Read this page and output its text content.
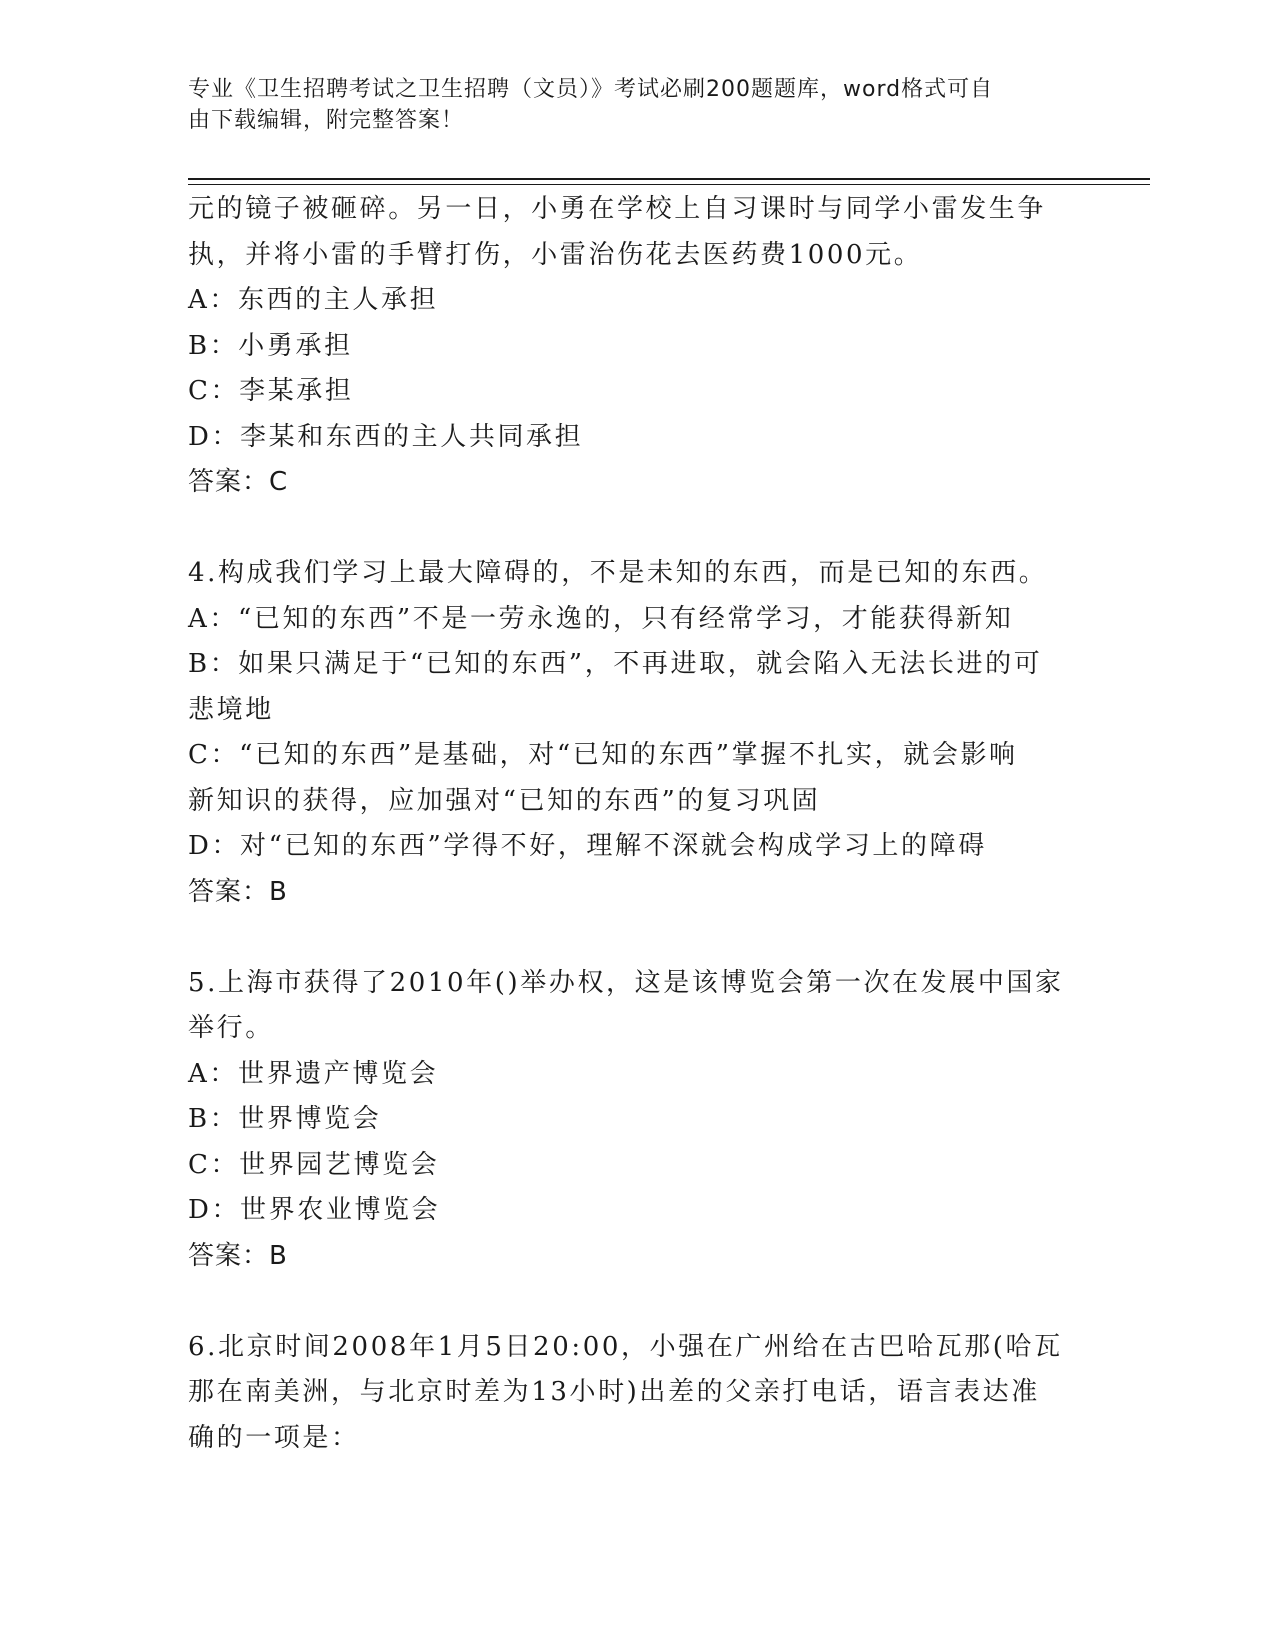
专业《卫生招聘考试之卫生招聘（文员）》考试必刷200题题库，word格式可自
由下载编辑，附完整答案！
元的镜子被砸碎。另一日，小勇在学校上自习课时与同学小雷发生争
执，并将小雷的手臂打伤，小雷治伤花去医药费1000元。
A：东西的主人承担
B：小勇承担
C：李某承担
D：李某和东西的主人共同承担
答案：C
4.构成我们学习上最大障碍的，不是未知的东西，而是已知的东西。
A：“已知的东西”不是一劳永逸的，只有经常学习，才能获得新知
B：如果只满足于“已知的东西”，不再进取，就会陷入无法长进的可
悲境地
C：“已知的东西”是基础，对“已知的东西”掌握不扎实，就会影响
新知识的获得，应加强对“已知的东西”的复习巩固
D：对“已知的东西”学得不好，理解不深就会构成学习上的障碍
答案：B
5.上海市获得了2010年()举办权，这是该博览会第一次在发展中国家
举行。
A：世界遗产博览会
B：世界博览会
C：世界园艺博览会
D：世界农业博览会
答案：B
6.北京时间2008年1月5日20:00，小强在广州给在古巴哈瓦那(哈瓦
那在南美洲，与北京时差为13小时)出差的父亲打电话，语言表达准
确的一项是：
